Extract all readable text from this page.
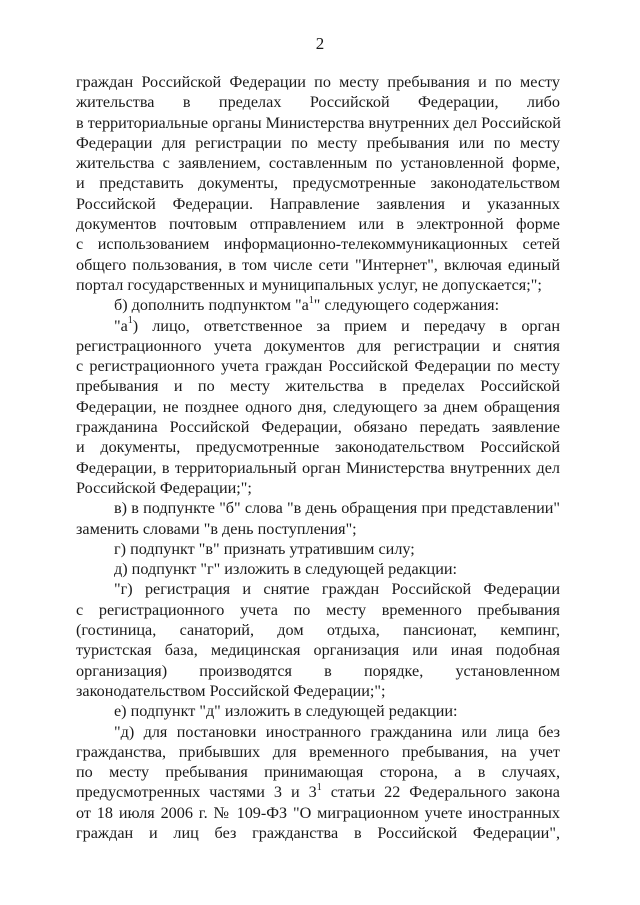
2
граждан Российской Федерации по месту пребывания и по месту
жительства в пределах Российской Федерации, либо
в территориальные органы Министерства внутренних дел Российской
Федерации для регистрации по месту пребывания или по месту
жительства с заявлением, составленным по установленной форме,
и представить документы, предусмотренные законодательством
Российской Федерации. Направление заявления и указанных
документов почтовым отправлением или в электронной форме
с использованием информационно-телекоммуникационных сетей
общего пользования, в том числе сети "Интернет", включая единый
портал государственных и муниципальных услуг, не допускается;";
б) дополнить подпунктом "$а^1$" следующего содержания:
"$а^1$) лицо, ответственное за прием и передачу в орган
регистрационного учета документов для регистрации и снятия
с регистрационного учета граждан Российской Федерации по месту
пребывания и по месту жительства в пределах Российской
Федерации, не позднее одного дня, следующего за днем обращения
гражданина Российской Федерации, обязано передать заявление
и документы, предусмотренные законодательством Российской
Федерации, в территориальный орган Министерства внутренних дел
Российской Федерации;";
в) в подпункте "б" слова "в день обращения при представлении"
заменить словами "в день поступления";
г) подпункт "в" признать утратившим силу;
д) подпункт "г" изложить в следующей редакции:
"г) регистрация и снятие граждан Российской Федерации
с регистрационного учета по месту временного пребывания
(гостиница, санаторий, дом отдыха, пансионат, кемпинг,
туристская база, медицинская организация или иная подобная
организация) производятся в порядке, установленном
законодательством Российской Федерации;";
е) подпункт "д" изложить в следующей редакции:
"д) для постановки иностранного гражданина или лица без
гражданства, прибывших для временного пребывания, на учет
по месту пребывания принимающая сторона, а в случаях,
предусмотренных частями 3 и $3^1$ статьи 22 Федерального закона
от 18 июля 2006 г. № 109-ФЗ "О миграционном учете иностранных
граждан и лиц без гражданства в Российской Федерации",
